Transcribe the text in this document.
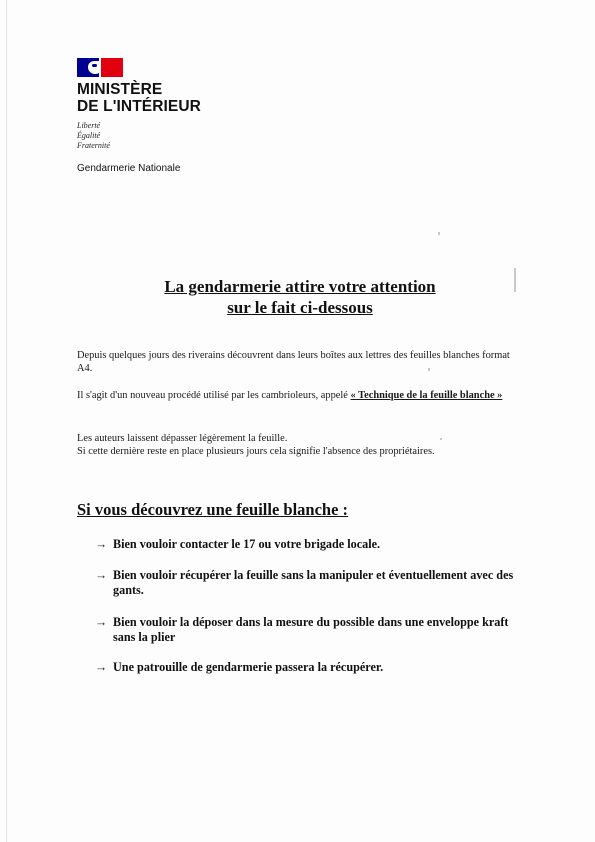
MINISTÈRE
DE L'INTÉRIEUR
Liberté
Égalité
Fraternité
Gendarmerie Nationale
La gendarmerie attire votre attention
sur le fait ci-dessous
Depuis quelques jours des riverains découvrent dans leurs boîtes aux lettres des feuilles blanches format A4.
Il s'agit d'un nouveau procédé utilisé par les cambrioleurs, appelé « Technique de la feuille blanche »
Les auteurs laissent dépasser légèrement la feuille.
Si cette dernière reste en place plusieurs jours cela signifie l'absence des propriétaires.
Si vous découvrez une feuille blanche :
→ Bien vouloir contacter le 17 ou votre brigade locale.
→ Bien vouloir récupérer la feuille sans la manipuler et éventuellement avec des gants.
→ Bien vouloir la déposer dans la mesure du possible dans une enveloppe kraft sans la plier
→ Une patrouille de gendarmerie passera la récupérer.
